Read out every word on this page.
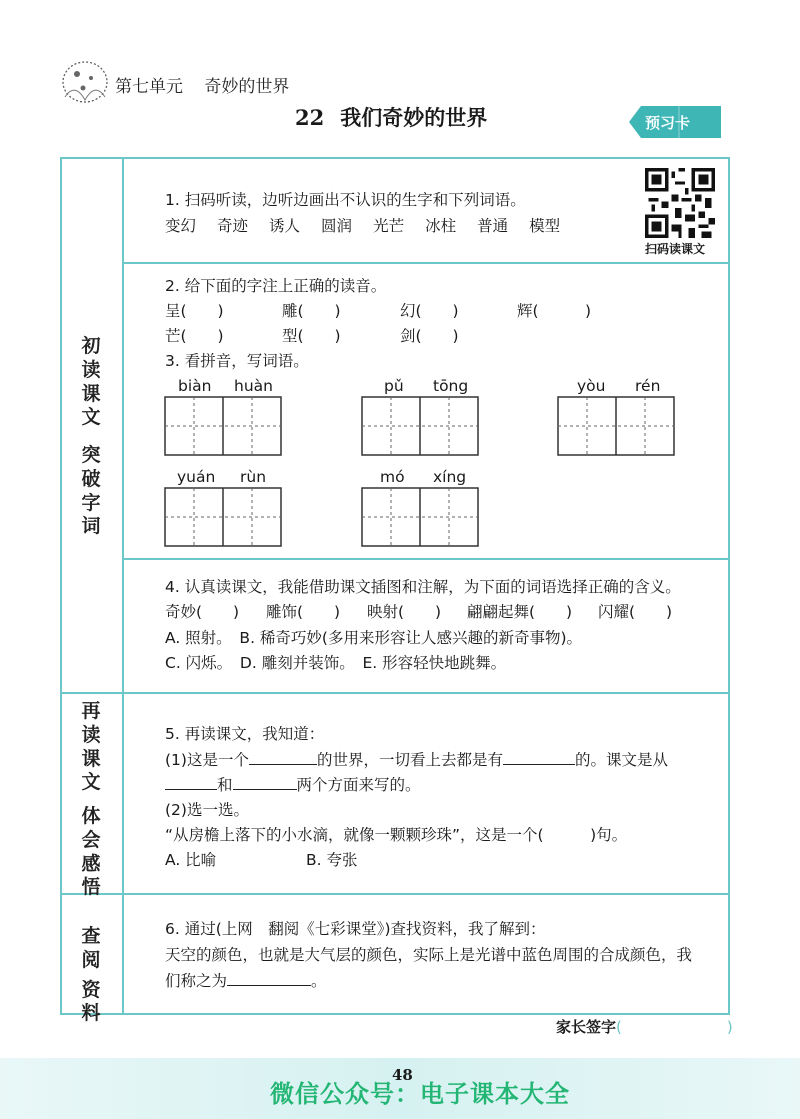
第七单元 奇妙的世界
22 我们奇妙的世界	预习卡
初
读
课
文
突
破
字
词
再
读
课
文
体
会
感
悟
查阅
资料
1. 扫码听读，边听边画出不认识的生字和下列词语。
变幻 奇迹 诱人 圆润 光芒 冰柱 普通 模型
扫码读课文
2. 给下面的字注上正确的读音。
呈(　　)	雕(　　)	幻(　　)	辉(　　　)
芒(　　)	型(　　)	剑(　　)
3. 看拼音，写词语。
biàn huàn	pǔ tōng	yòu rén
yuán rùn	mó xíng
4. 认真读课文，我能借助课文插图和注解，为下面的词语选择正确的含义。
奇妙(　　) 雕饰(　　) 映射(　　) 翩翩起舞(　　) 闪耀(　　)
A. 照射。　B. 稀奇巧妙(多用来形容让人感兴趣的新奇事物)。
C. 闪烁。　D. 雕刻并装饰。　E. 形容轻快地跳舞。
5. 再读课文，我知道：
(1)这是一个	的世界，一切看上去都是有	的。课文是从
和	两个方面来写的。
(2)选一选。
“从房檐上落下的小水滴，就像一颗颗珍珠”，这是一个(　　　)句。
A. 比喻	B. 夸张
6. 通过(上网　翻阅《七彩课堂》)查找资料，我了解到：
天空的颜色，也就是大气层的颜色，实际上是光谱中蓝色周围的合成颜色，我
们称之为	。
家长签字(　　　　　　　)
48
微信公众号：电子课本大全
